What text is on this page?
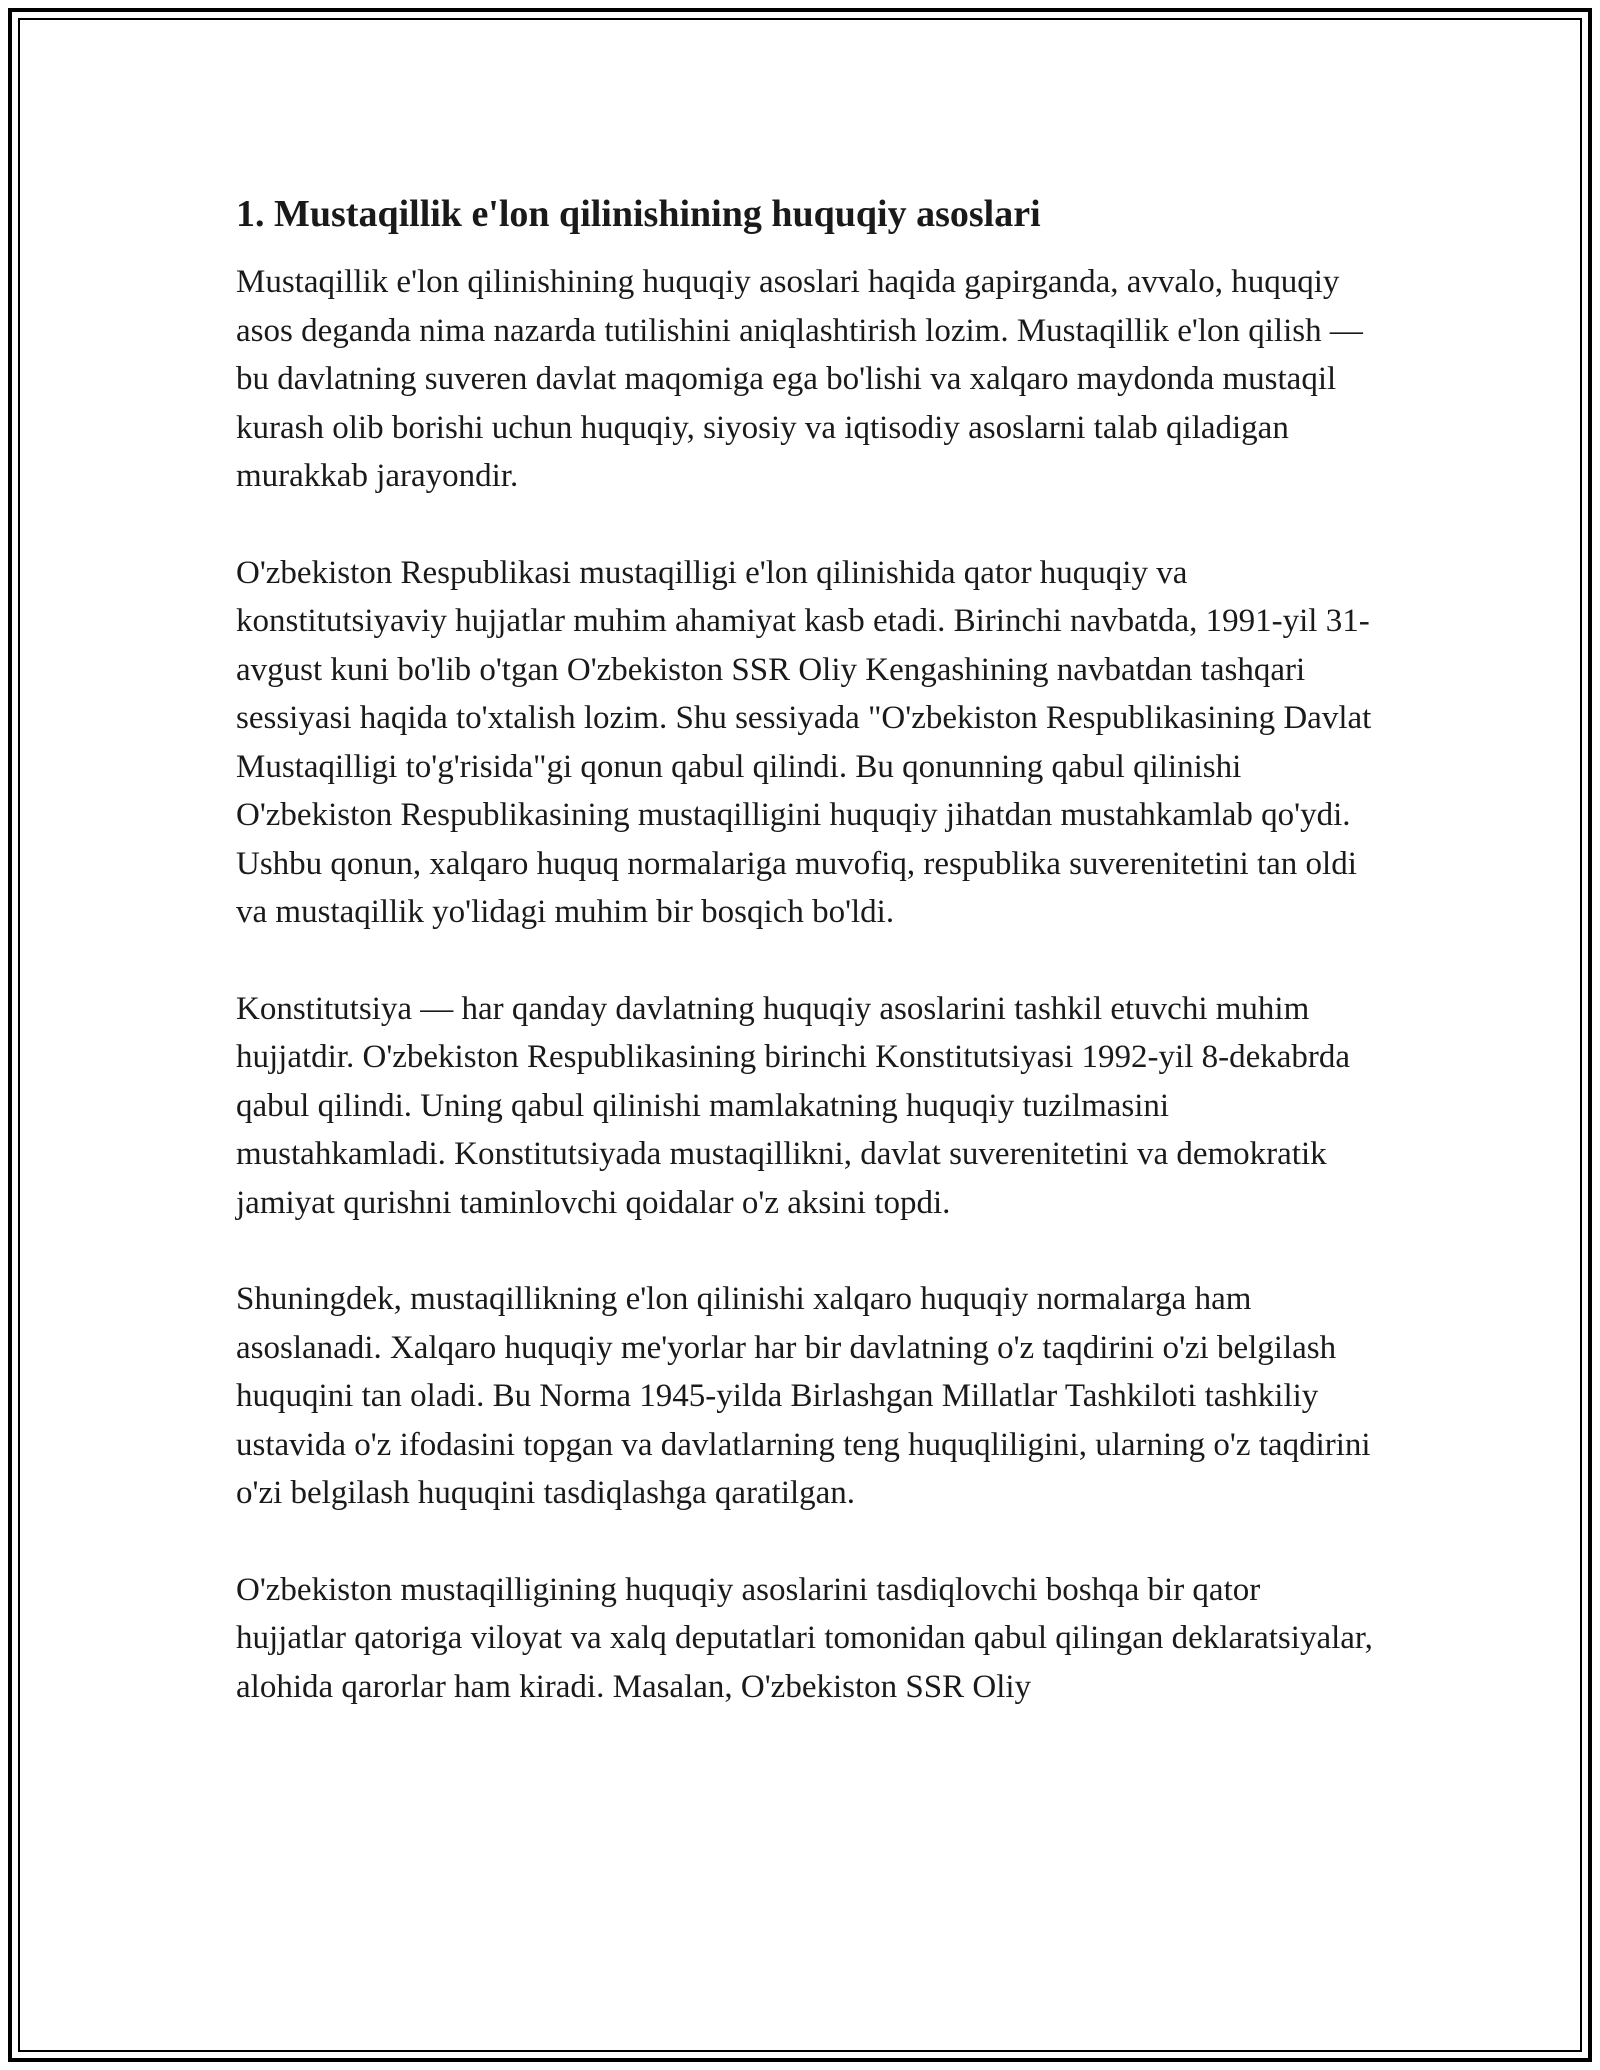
1. Mustaqillik e'lon qilinishining huquqiy asoslari

Mustaqillik e'lon qilinishining huquqiy asoslari haqida gapirganda, avvalo, huquqiy asos deganda nima nazarda tutilishini aniqlashtirish lozim. Mustaqillik e'lon qilish — bu davlatning suveren davlat maqomiga ega bo'lishi va xalqaro maydonda mustaqil kurash olib borishi uchun huquqiy, siyosiy va iqtisodiy asoslarni talab qiladigan murakkab jarayondir.

O'zbekiston Respublikasi mustaqilligi e'lon qilinishida qator huquqiy va konstitutsiyaviy hujjatlar muhim ahamiyat kasb etadi. Birinchi navbatda, 1991-yil 31-avgust kuni bo'lib o'tgan O'zbekiston SSR Oliy Kengashining navbatdan tashqari sessiyasi haqida to'xtalish lozim. Shu sessiyada "O'zbekiston Respublikasining Davlat Mustaqilligi to'g'risida"gi qonun qabul qilindi. Bu qonunning qabul qilinishi O'zbekiston Respublikasining mustaqilligini huquqiy jihatdan mustahkamlab qo'ydi. Ushbu qonun, xalqaro huquq normalariga muvofiq, respublika suverenitetini tan oldi va mustaqillik yo'lidagi muhim bir bosqich bo'ldi.

Konstitutsiya — har qanday davlatning huquqiy asoslarini tashkil etuvchi muhim hujjatdir. O'zbekiston Respublikasining birinchi Konstitutsiyasi 1992-yil 8-dekabrda qabul qilindi. Uning qabul qilinishi mamlakatning huquqiy tuzilmasini mustahkamladi. Konstitutsiyada mustaqillikni, davlat suverenitetini va demokratik jamiyat qurishni taminlovchi qoidalar o'z aksini topdi.

Shuningdek, mustaqillikning e'lon qilinishi xalqaro huquqiy normalarga ham asoslanadi. Xalqaro huquqiy me'yorlar har bir davlatning o'z taqdirini o'zi belgilash huquqini tan oladi. Bu Norma 1945-yilda Birlashgan Millatlar Tashkiloti tashkiliy ustavida o'z ifodasini topgan va davlatlarning teng huquqliligini, ularning o'z taqdirini o'zi belgilash huquqini tasdiqlashga qaratilgan.

O'zbekiston mustaqilligining huquqiy asoslarini tasdiqlovchi boshqa bir qator hujjatlar qatoriga viloyat va xalq deputatlari tomonidan qabul qilingan deklaratsiyalar, alohida qarorlar ham kiradi. Masalan, O'zbekiston SSR Oliy
